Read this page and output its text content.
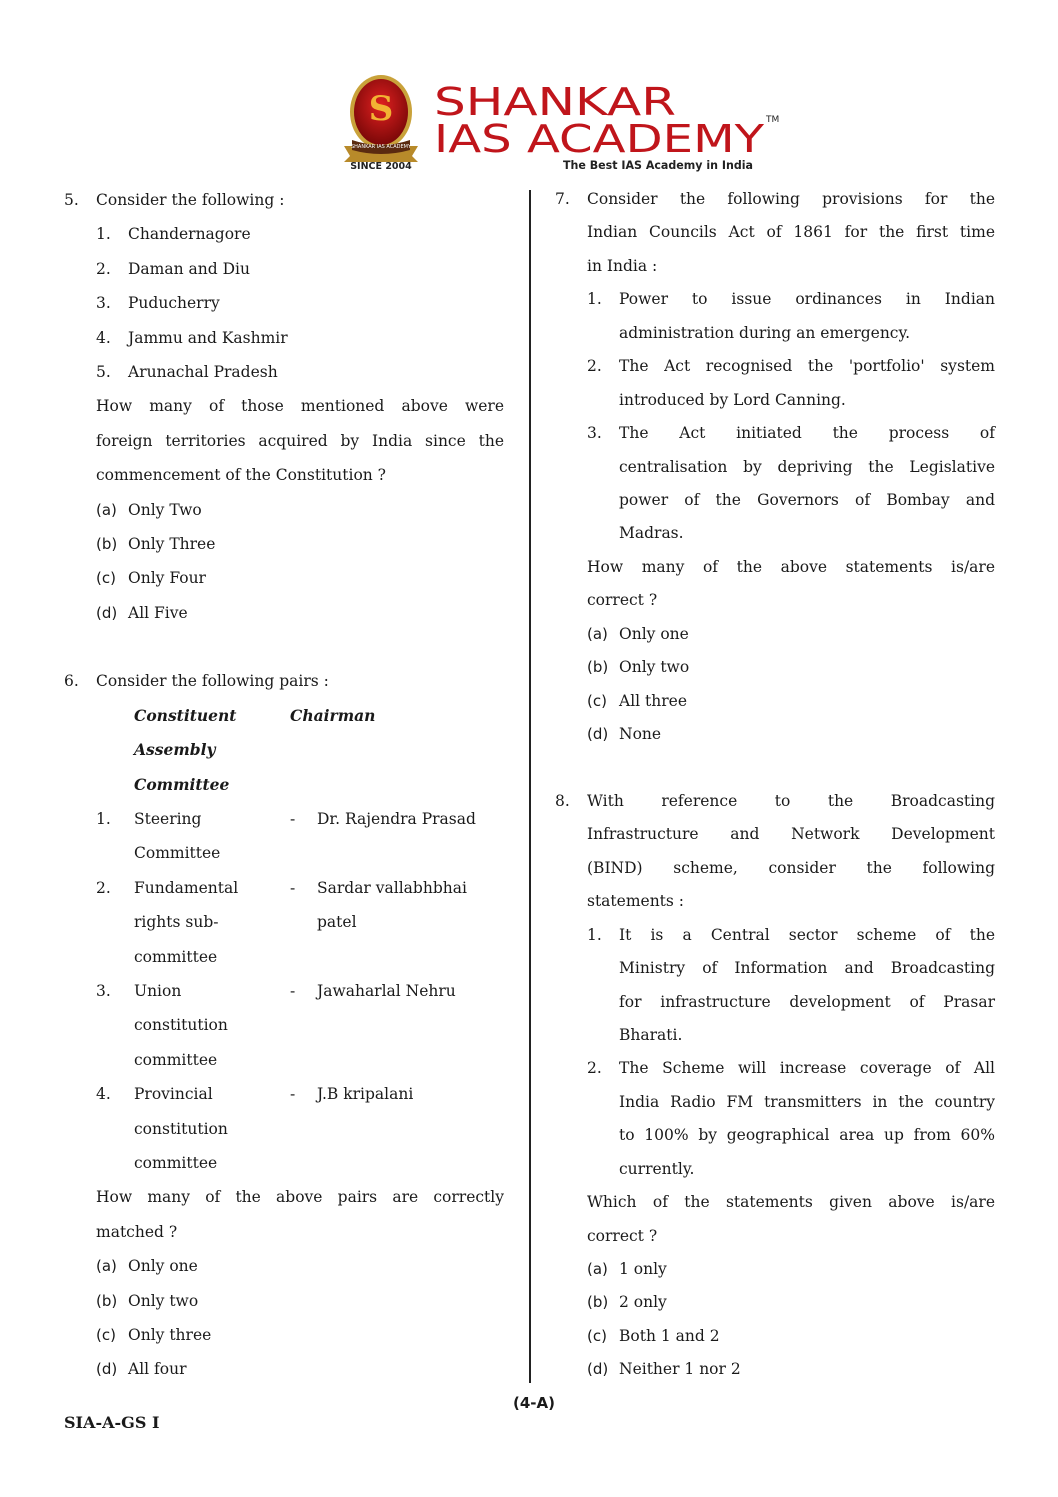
S
SHANKAR IAS ACADEMY
SINCE 2004
SHANKAR
IAS ACADEMY TM
The Best IAS Academy in India
5.	Consider the following :
1.	Chandernagore
2.	Daman and Diu
3.	Puducherry
4.	Jammu and Kashmir
5.	Arunachal Pradesh
How many of those mentioned above were
foreign territories acquired by India since the
commencement of the Constitution ?
(a) Only Two
(b) Only Three
(c) Only Four
(d) All Five
6.	Consider the following pairs :
Constituent	Chairman
Assembly
Committee
1.	Steering	-	Dr. Rajendra Prasad
Committee
2.	Fundamental	-	Sardar vallabhbhai
rights sub-	patel
committee
3.	Union	-	Jawaharlal Nehru
constitution
committee
4.	Provincial	-	J.B kripalani
constitution
committee
How many of the above pairs are correctly
matched ?
(a) Only one
(b) Only two
(c) Only three
(d) All four
7.	Consider the following provisions for the
Indian Councils Act of 1861 for the first time
in India :
1.	Power to issue ordinances in Indian
administration during an emergency.
2.	The Act recognised the 'portfolio' system
introduced by Lord Canning.
3.	The Act initiated the process of
centralisation by depriving the Legislative
power of the Governors of Bombay and
Madras.
How many of the above statements is/are
correct ?
(a) Only one
(b) Only two
(c) All three
(d) None
8.	With reference to the Broadcasting
Infrastructure and Network Development
(BIND) scheme, consider the following
statements :
1.	It is a Central sector scheme of the
Ministry of Information and Broadcasting
for infrastructure development of Prasar
Bharati.
2.	The Scheme will increase coverage of All
India Radio FM transmitters in the country
to 100% by geographical area up from 60%
currently.
Which of the statements given above is/are
correct ?
(a) 1 only
(b) 2 only
(c) Both 1 and 2
(d) Neither 1 nor 2
(4-A)
SIA-A-GS I
